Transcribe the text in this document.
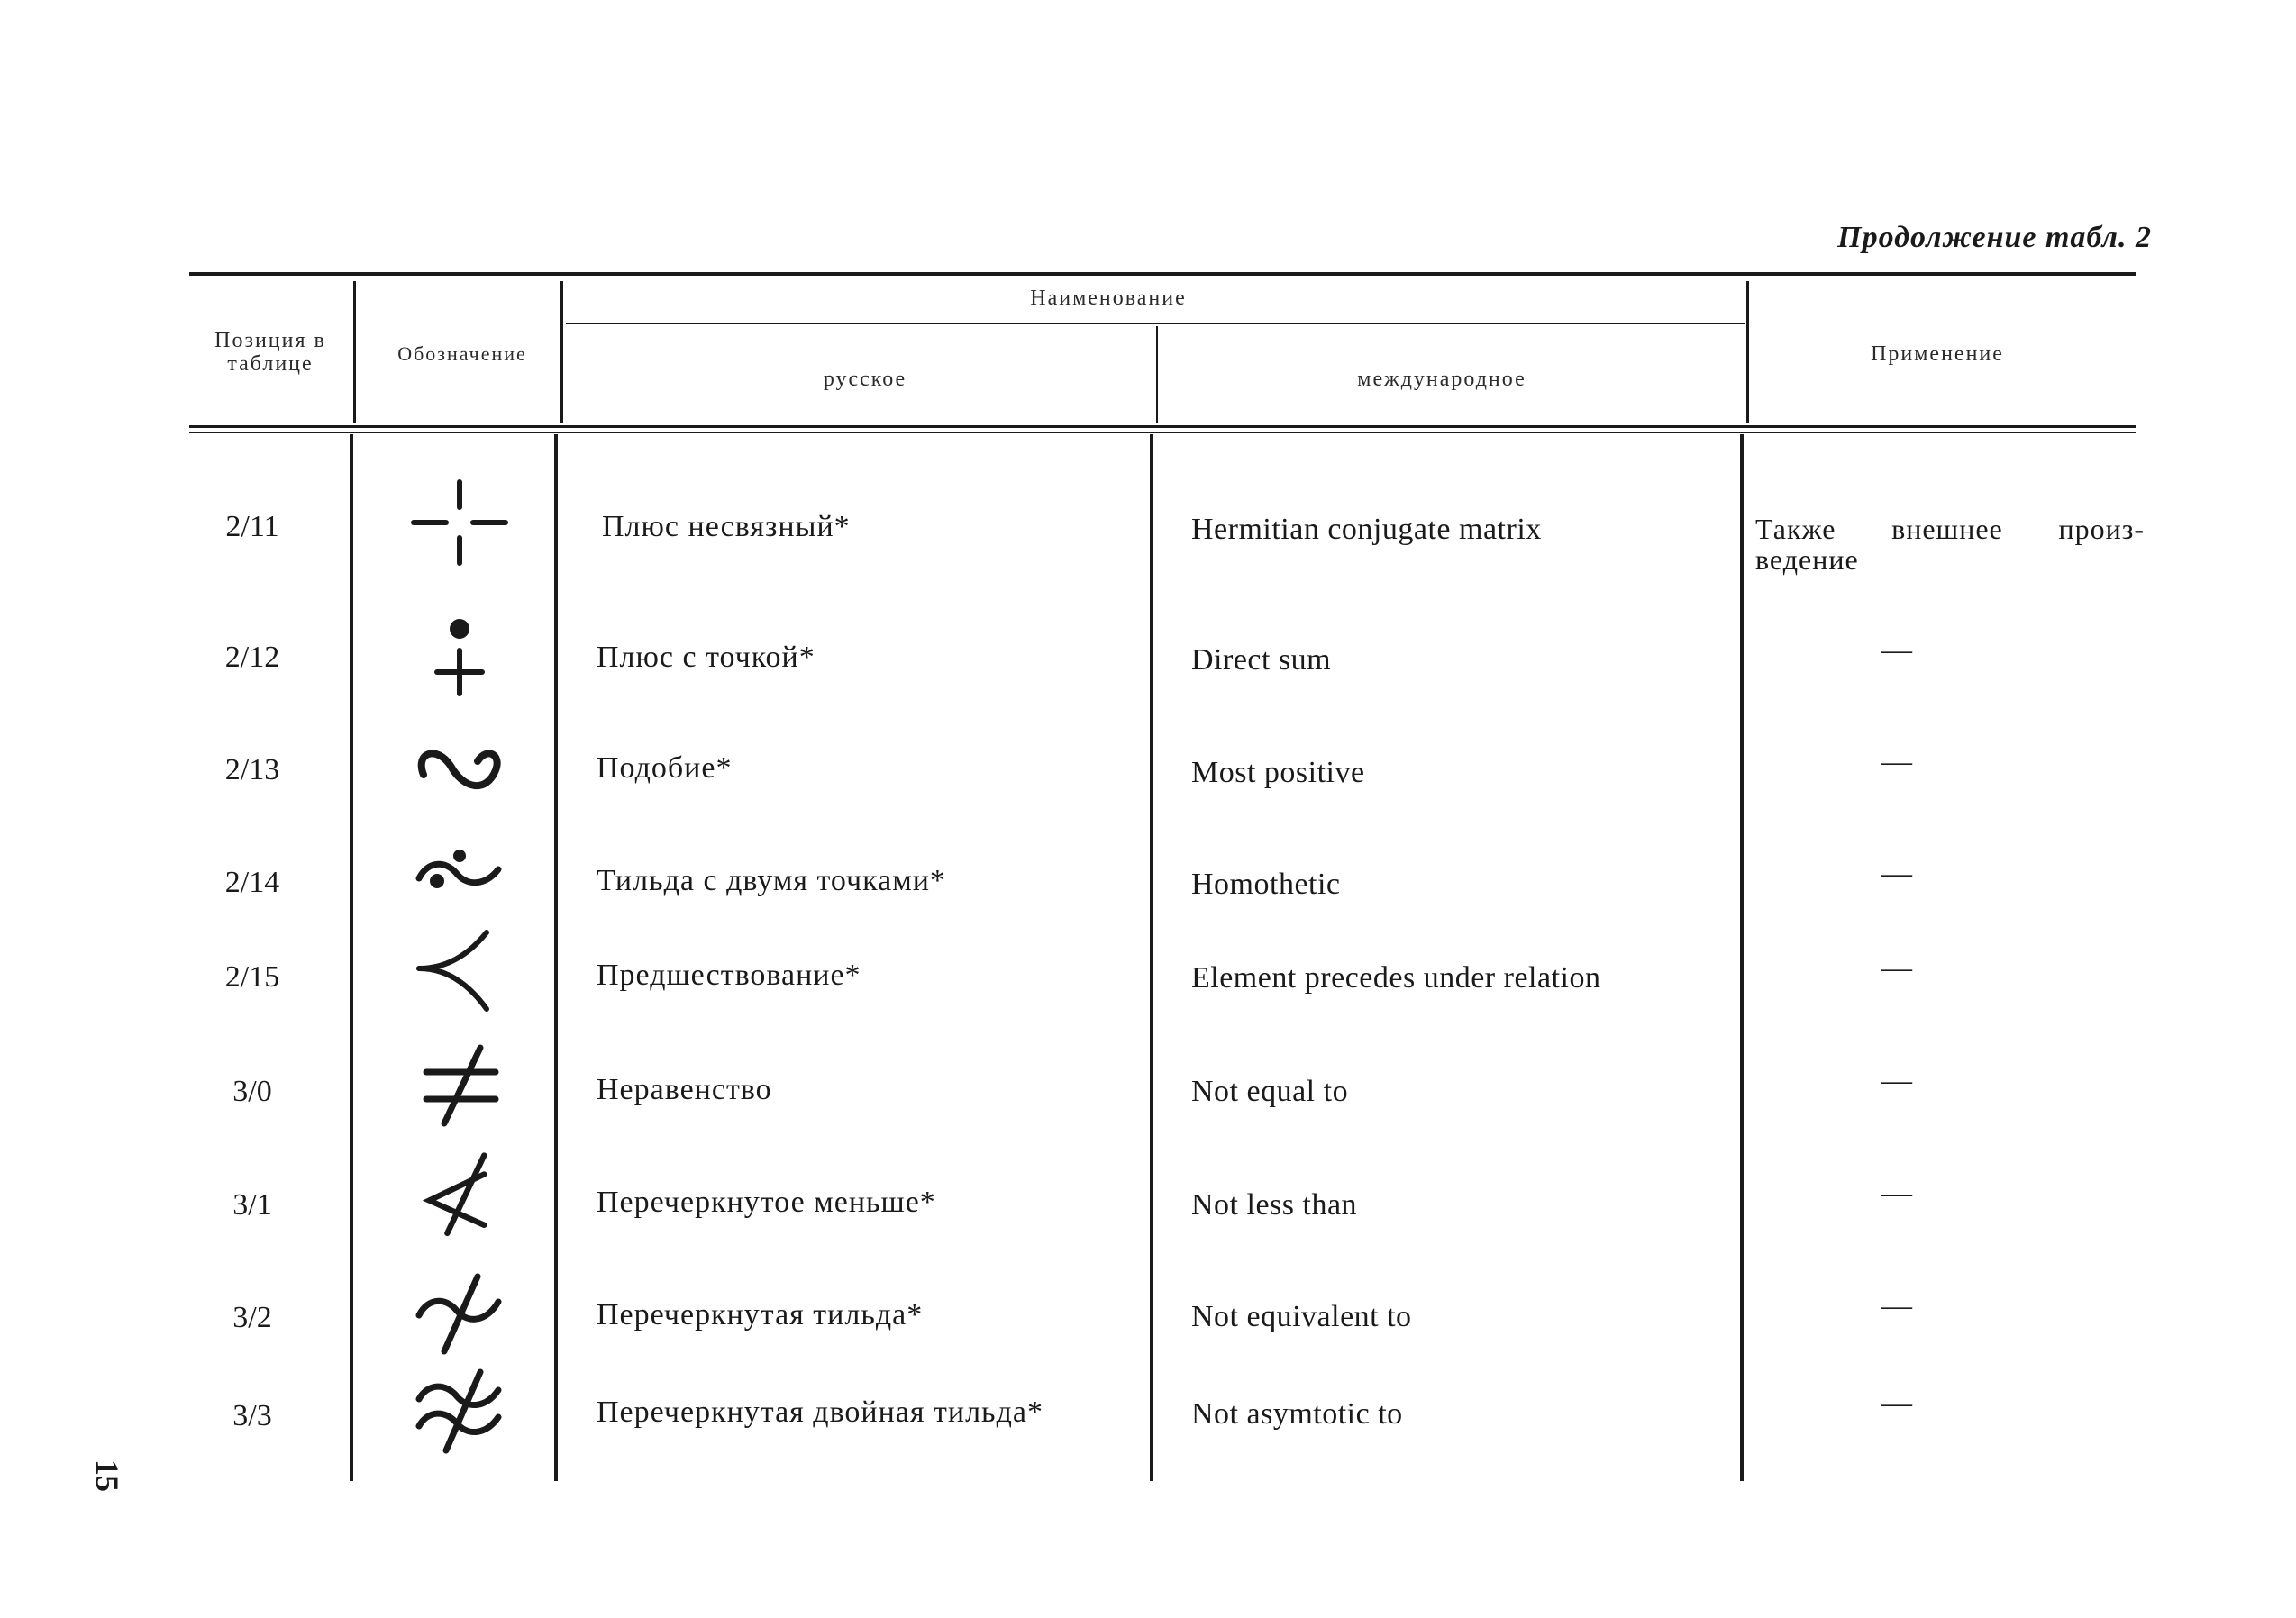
Продолжение табл. 2
Позиция в таблице	Обозначение
Наименование
русское	международное
Применение
2/11	Плюс несвязный*	Hermitian conjugate matrix	Также внешнее произ-ведение
2/12	Плюс с точкой*	Direct sum	—
2/13	Подобие*	Most positive	—
2/14	Тильда с двумя точками*	Homothetic	—
2/15	Предшествование*	Element precedes under relation	—
3/0	Неравенство	Not equal to	—
3/1	Перечеркнутое меньше*	Not less than	—
3/2	Перечеркнутая тильда*	Not equivalent to	—
3/3	Перечеркнутая двойная тильда*	Not asymtotic to	—
15
